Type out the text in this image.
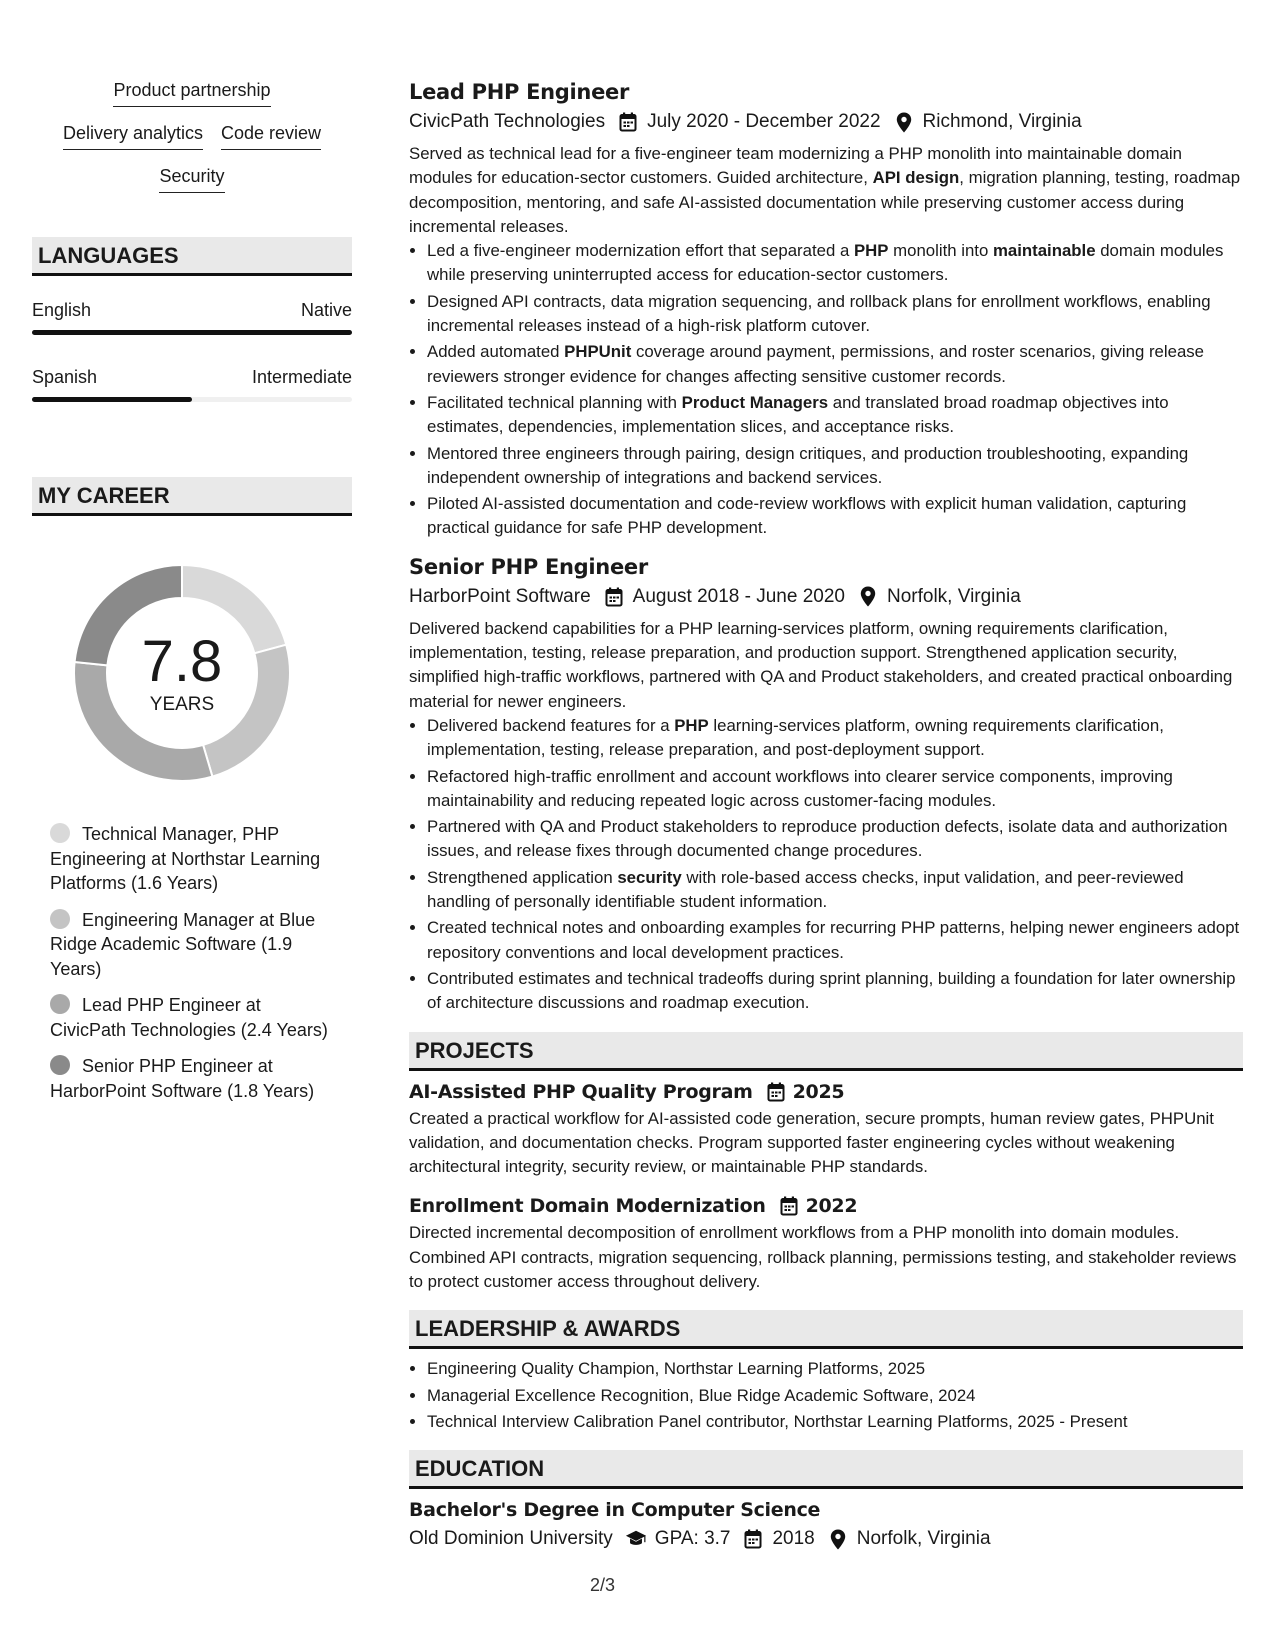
Product partnership
Delivery analytics Code review
Security
LANGUAGES
English	Native
Spanish	Intermediate
MY CAREER
7.8
YEARS
Technical Manager, PHP Engineering at Northstar Learning Platforms (1.6 Years)
Engineering Manager at Blue Ridge Academic Software (1.9 Years)
Lead PHP Engineer at CivicPath Technologies (2.4 Years)
Senior PHP Engineer at HarborPoint Software (1.8 Years)
Lead PHP Engineer
CivicPath Technologies July 2020 - December 2022 Richmond, Virginia
Served as technical lead for a five-engineer team modernizing a PHP monolith into maintainable domain modules for education-sector customers. Guided architecture, API design, migration planning, testing, roadmap decomposition, mentoring, and safe AI-assisted documentation while preserving customer access during incremental releases.
• Led a five-engineer modernization effort that separated a PHP monolith into maintainable domain modules while preserving uninterrupted access for education-sector customers.
• Designed API contracts, data migration sequencing, and rollback plans for enrollment workflows, enabling incremental releases instead of a high-risk platform cutover.
• Added automated PHPUnit coverage around payment, permissions, and roster scenarios, giving release reviewers stronger evidence for changes affecting sensitive customer records.
• Facilitated technical planning with Product Managers and translated broad roadmap objectives into estimates, dependencies, implementation slices, and acceptance risks.
• Mentored three engineers through pairing, design critiques, and production troubleshooting, expanding independent ownership of integrations and backend services.
• Piloted AI-assisted documentation and code-review workflows with explicit human validation, capturing practical guidance for safe PHP development.
Senior PHP Engineer
HarborPoint Software August 2018 - June 2020 Norfolk, Virginia
Delivered backend capabilities for a PHP learning-services platform, owning requirements clarification, implementation, testing, release preparation, and production support. Strengthened application security, simplified high-traffic workflows, partnered with QA and Product stakeholders, and created practical onboarding material for newer engineers.
• Delivered backend features for a PHP learning-services platform, owning requirements clarification, implementation, testing, release preparation, and post-deployment support.
• Refactored high-traffic enrollment and account workflows into clearer service components, improving maintainability and reducing repeated logic across customer-facing modules.
• Partnered with QA and Product stakeholders to reproduce production defects, isolate data and authorization issues, and release fixes through documented change procedures.
• Strengthened application security with role-based access checks, input validation, and peer-reviewed handling of personally identifiable student information.
• Created technical notes and onboarding examples for recurring PHP patterns, helping newer engineers adopt repository conventions and local development practices.
• Contributed estimates and technical tradeoffs during sprint planning, building a foundation for later ownership of architecture discussions and roadmap execution.
PROJECTS
AI-Assisted PHP Quality Program 2025
Created a practical workflow for AI-assisted code generation, secure prompts, human review gates, PHPUnit validation, and documentation checks. Program supported faster engineering cycles without weakening architectural integrity, security review, or maintainable PHP standards.
Enrollment Domain Modernization 2022
Directed incremental decomposition of enrollment workflows from a PHP monolith into domain modules. Combined API contracts, migration sequencing, rollback planning, permissions testing, and stakeholder reviews to protect customer access throughout delivery.
LEADERSHIP & AWARDS
• Engineering Quality Champion, Northstar Learning Platforms, 2025
• Managerial Excellence Recognition, Blue Ridge Academic Software, 2024
• Technical Interview Calibration Panel contributor, Northstar Learning Platforms, 2025 - Present
EDUCATION
Bachelor's Degree in Computer Science
Old Dominion University GPA: 3.7 2018 Norfolk, Virginia
2/3
